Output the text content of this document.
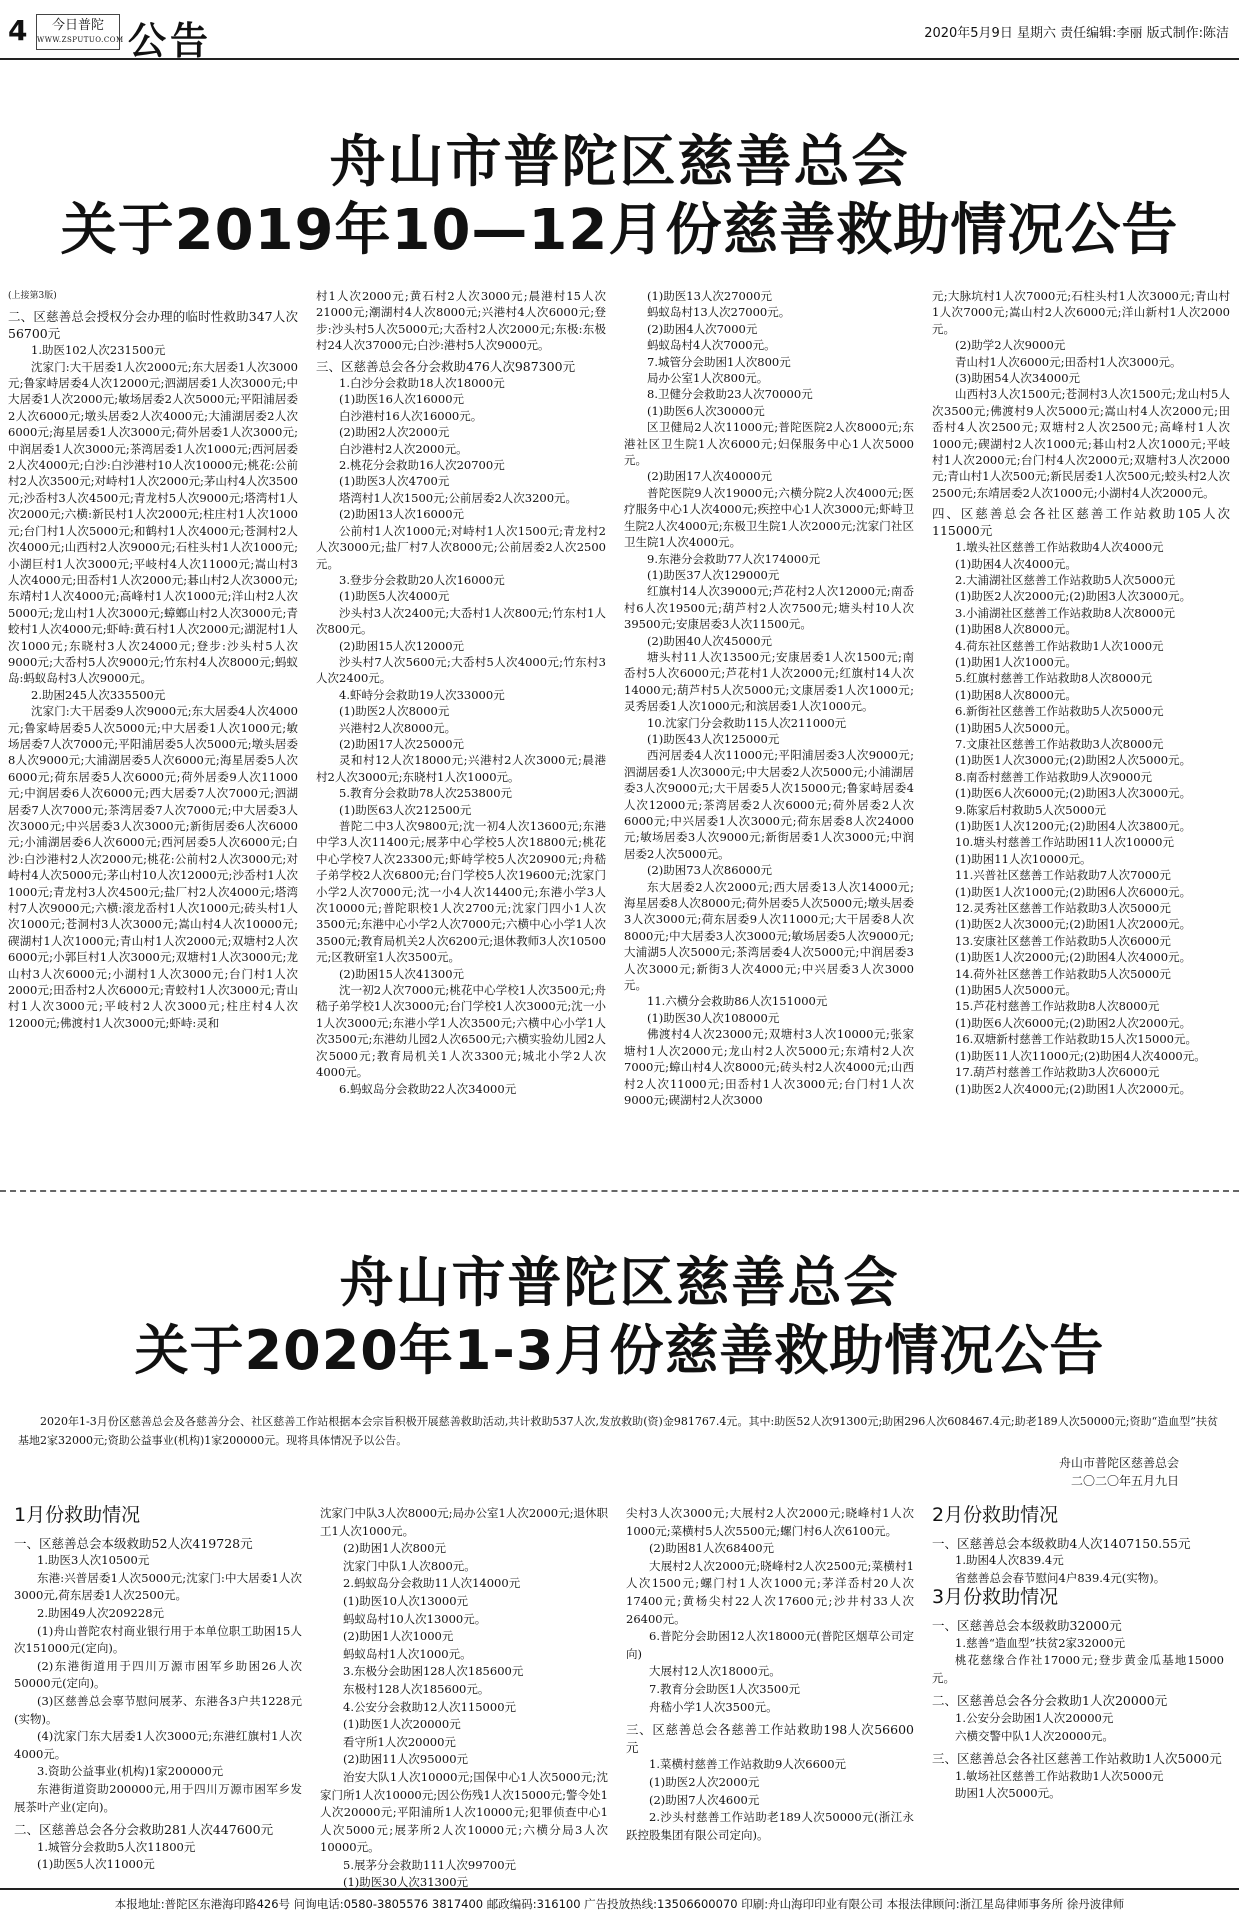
4	今日普陀
WWW.ZSPUTUO.COM 公告	2020年5月9日 星期六 责任编辑:李丽 版式制作:陈洁
舟山市普陀区慈善总会
关于2019年10—12月份慈善救助情况公告

(上接第3版)

二、区慈善总会授权分会办理的临时性救助347人次56700元

1.助医102人次231500元

沈家门:大干居委1人次2000元;东大居委1人次3000元;鲁家峙居委4人次12000元;泗湖居委1人次3000元;中大居委1人次2000元;敏场居委2人次5000元;平阳浦居委2人次6000元;墩头居委2人次4000元;大浦湖居委2人次6000元;海星居委1人次3000元;荷外居委1人次3000元;中润居委1人次3000元;茶湾居委1人次1000元;西河居委2人次4000元;白沙:白沙港村10人次10000元;桃花:公前村2人次3500元;对峙村1人次2000元;茅山村4人次3500元;沙岙村3人次4500元;青龙村5人次9000元;塔湾村1人次2000元;六横:新民村1人次2000元;柱庄村1人次1000元;台门村1人次5000元;和鹤村1人次4000元;苍洞村2人次4000元;山西村2人次9000元;石柱头村1人次1000元;小湖巨村1人次3000元;平岐村4人次11000元;嵩山村3人次4000元;田岙村1人次2000元;碁山村2人次3000元;东靖村1人次4000元;高峰村1人次1000元;洋山村2人次5000元;龙山村1人次3000元;蟑螂山村2人次3000元;青蛟村1人次4000元;虾峙:黄石村1人次2000元;湖泥村1人次1000元;东晓村3人次24000元;登步:沙头村5人次9000元;大岙村5人次9000元;竹东村4人次8000元;蚂蚁岛:蚂蚁岛村3人次9000元。

2.助困245人次335500元

沈家门:大干居委9人次9000元;东大居委4人次4000元;鲁家峙居委5人次5000元;中大居委1人次1000元;敏场居委7人次7000元;平阳浦居委5人次5000元;墩头居委8人次9000元;大浦湖居委5人次6000元;海星居委5人次6000元;荷东居委5人次6000元;荷外居委9人次11000元;中润居委6人次6000元;西大居委7人次7000元;泗湖居委7人次7000元;茶湾居委7人次7000元;中大居委3人次3000元;中兴居委3人次3000元;新街居委6人次6000元;小浦湖居委6人次6000元;西河居委5人次6000元;白沙:白沙港村2人次2000元;桃花:公前村2人次3000元;对峙村4人次5000元;茅山村10人次12000元;沙岙村1人次1000元;青龙村3人次4500元;盐厂村2人次4000元;塔湾村7人次9000元;六横:滚龙岙村1人次1000元;砖头村1人次1000元;苍洞村3人次3000元;嵩山村4人次10000元;碶湖村1人次1000元;青山村1人次2000元;双塘村2人次6000元;小郭巨村1人次3000元;双塘村1人次3000元;龙山村3人次6000元;小湖村1人次3000元;台门村1人次2000元;田岙村2人次6000元;青蛟村1人次3000元;青山村1人次3000元;平岐村2人次3000元;柱庄村4人次12000元;佛渡村1人次3000元;虾峙:灵和

村1人次2000元;黄石村2人次3000元;晨港村15人次21000元;潮湖村4人次8000元;兴港村4人次6000元;登步:沙头村5人次5000元;大岙村2人次2000元;东极:东极村24人次37000元;白沙:港村5人次9000元。

三、区慈善总会各分会救助476人次987300元

1.白沙分会救助18人次18000元

(1)助医16人次16000元

白沙港村16人次16000元。

(2)助困2人次2000元

白沙港村2人次2000元。

2.桃花分会救助16人次20700元

(1)助医3人次4700元

塔湾村1人次1500元;公前居委2人次3200元。

(2)助困13人次16000元

公前村1人次1000元;对峙村1人次1500元;青龙村2人次3000元;盐厂村7人次8000元;公前居委2人次2500元。

3.登步分会救助20人次16000元

(1)助医5人次4000元

沙头村3人次2400元;大岙村1人次800元;竹东村1人次800元。

(2)助困15人次12000元

沙头村7人次5600元;大岙村5人次4000元;竹东村3人次2400元。

4.虾峙分会救助19人次33000元

(1)助医2人次8000元

兴港村2人次8000元。

(2)助困17人次25000元

灵和村12人次18000元;兴港村2人次3000元;晨港村2人次3000元;东晓村1人次1000元。

5.教育分会救助78人次253800元

(1)助医63人次212500元

普陀二中3人次9800元;沈一初4人次13600元;东港中学3人次11400元;展茅中心学校5人次18800元;桃花中心学校7人次23300元;虾峙学校5人次20900元;舟嵇子弟学校2人次6800元;台门学校5人次19600元;沈家门小学2人次7000元;沈一小4人次14400元;东港小学3人次10000元;普陀职校1人次2700元;沈家门四小1人次3500元;东港中心小学2人次7000元;六横中心小学1人次3500元;教育局机关2人次6200元;退休教师3人次10500元;区教研室1人次3500元。

(2)助困15人次41300元

沈一初2人次7000元;桃花中心学校1人次3500元;舟嵇子弟学校1人次3000元;台门学校1人次3000元;沈一小1人次3000元;东港小学1人次3500元;六横中心小学1人次3500元;东港幼儿园2人次6500元;六横实验幼儿园2人次5000元;教育局机关1人次3300元;城北小学2人次4000元。

6.蚂蚁岛分会救助22人次34000元

(1)助医13人次27000元

蚂蚁岛村13人次27000元。

(2)助困4人次7000元

蚂蚁岛村4人次7000元。

7.城管分会助困1人次800元

局办公室1人次800元。

8.卫健分会救助23人次70000元

(1)助医6人次30000元

区卫健局2人次11000元;普陀医院2人次8000元;东港社区卫生院1人次6000元;妇保服务中心1人次5000元。

(2)助困17人次40000元

普陀医院9人次19000元;六横分院2人次4000元;医疗服务中心1人次4000元;疾控中心1人次3000元;虾峙卫生院2人次4000元;东极卫生院1人次2000元;沈家门社区卫生院1人次4000元。

9.东港分会救助77人次174000元

(1)助医37人次129000元

红旗村14人次39000元;芦花村2人次12000元;南岙村6人次19500元;葫芦村2人次7500元;塘头村10人次39500元;安康居委3人次11500元。

(2)助困40人次45000元

塘头村11人次13500元;安康居委1人次1500元;南岙村5人次6000元;芦花村1人次2000元;红旗村14人次14000元;葫芦村5人次5000元;文康居委1人次1000元;灵秀居委1人次1000元;和滨居委1人次1000元。

10.沈家门分会救助115人次211000元

(1)助医43人次125000元

西河居委4人次11000元;平阳浦居委3人次9000元;泗湖居委1人次3000元;中大居委2人次5000元;小浦湖居委3人次9000元;大干居委5人次15000元;鲁家峙居委4人次12000元;茶湾居委2人次6000元;荷外居委2人次6000元;中兴居委1人次3000元;荷东居委8人次24000元;敏场居委3人次9000元;新街居委1人次3000元;中润居委2人次5000元。

(2)助困73人次86000元

东大居委2人次2000元;西大居委13人次14000元;海星居委8人次8000元;荷外居委5人次5000元;墩头居委3人次3000元;荷东居委9人次11000元;大干居委8人次8000元;中大居委3人次3000元;敏场居委5人次9000元;大浦湖5人次5000元;茶湾居委4人次5000元;中润居委3人次3000元;新街3人次4000元;中兴居委3人次3000元。

11.六横分会救助86人次151000元

(1)助医30人次108000元

佛渡村4人次23000元;双塘村3人次10000元;张家塘村1人次2000元;龙山村2人次5000元;东靖村2人次7000元;蟑山村4人次8000元;砖头村2人次4000元;山西村2人次11000元;田岙村1人次3000元;台门村1人次9000元;碶湖村2人次3000

元;大脉坑村1人次7000元;石柱头村1人次3000元;青山村1人次7000元;嵩山村2人次6000元;洋山新村1人次2000元。

(2)助学2人次9000元

青山村1人次6000元;田岙村1人次3000元。

(3)助困54人次34000元

山西村3人次1500元;苍洞村3人次1500元;龙山村5人次3500元;佛渡村9人次5000元;嵩山村4人次2000元;田岙村4人次2500元;双塘村2人次2500元;高峰村1人次1000元;碶湖村2人次1000元;碁山村2人次1000元;平岐村1人次2000元;台门村4人次2000元;双塘村3人次2000元;青山村1人次500元;新民居委1人次500元;蛟头村2人次2500元;东靖居委2人次1000元;小湖村4人次2000元。

四、区慈善总会各社区慈善工作站救助105人次115000元

1.墩头社区慈善工作站救助4人次4000元

(1)助困4人次4000元。

2.大浦湖社区慈善工作站救助5人次5000元

(1)助医2人次2000元;(2)助困3人次3000元。

3.小浦湖社区慈善工作站救助8人次8000元

(1)助困8人次8000元。

4.荷东社区慈善工作站救助1人次1000元

(1)助困1人次1000元。

5.红旗村慈善工作站救助8人次8000元

(1)助困8人次8000元。

6.新街社区慈善工作站救助5人次5000元

(1)助困5人次5000元。

7.文康社区慈善工作站救助3人次8000元

(1)助医1人次3000元;(2)助困2人次5000元。

8.南岙村慈善工作站救助9人次9000元

(1)助医6人次6000元;(2)助困3人次3000元。

9.陈家后村救助5人次5000元

(1)助医1人次1200元;(2)助困4人次3800元。

10.塘头村慈善工作站助困11人次10000元

(1)助困11人次10000元。

11.兴普社区慈善工作站救助7人次7000元

(1)助医1人次1000元;(2)助困6人次6000元。

12.灵秀社区慈善工作站救助3人次5000元

(1)助医2人次3000元;(2)助困1人次2000元。

13.安康社区慈善工作站救助5人次6000元

(1)助医1人次2000元;(2)助困4人次4000元。

14.荷外社区慈善工作站救助5人次5000元

(1)助困5人次5000元。

15.芦花村慈善工作站救助8人次8000元

(1)助医6人次6000元;(2)助困2人次2000元。

16.双塘新村慈善工作站救助15人次15000元。

(1)助医11人次11000元;(2)助困4人次4000元。

17.葫芦村慈善工作站救助3人次6000元

(1)助医2人次4000元;(2)助困1人次2000元。

舟山市普陀区慈善总会
关于2020年1-3月份慈善救助情况公告
2020年1-3月份区慈善总会及各慈善分会、社区慈善工作站根据本会宗旨积极开展慈善救助活动,共计救助537人次,发放救助(资)金981767.4元。其中:助医52人次91300元;助困296人次608467.4元;助老189人次50000元;资助“造血型”扶贫基地2家32000元;资助公益事业(机构)1家200000元。现将具体情况予以公告。
舟山市普陀区慈善总会
二〇二〇年五月九日
1月份救助情况

一、区慈善总会本级救助52人次419728元

1.助医3人次10500元

东港:兴普居委1人次5000元;沈家门:中大居委1人次3000元,荷东居委1人次2500元。

2.助困49人次209228元

(1)舟山普陀农村商业银行用于本单位职工助困15人次151000元(定向)。

(2)东港街道用于四川万源市困军乡助困26人次50000元(定向)。

(3)区慈善总会辜节慰问展茅、东港各3户共1228元(实物)。

(4)沈家门东大居委1人次3000元;东港红旗村1人次4000元。

3.资助公益事业(机构)1家200000元

东港街道资助200000元,用于四川万源市困军乡发展茶叶产业(定向)。

二、区慈善总会各分会救助281人次447600元

1.城管分会救助5人次11800元

(1)助医5人次11000元

沈家门中队3人次8000元;局办公室1人次2000元;退休职工1人次1000元。

(2)助困1人次800元

沈家门中队1人次800元。

2.蚂蚁岛分会救助11人次14000元

(1)助医10人次13000元

蚂蚁岛村10人次13000元。

(2)助困1人次1000元

蚂蚁岛村1人次1000元。

3.东极分会助困128人次185600元

东极村128人次185600元。

4.公安分会救助12人次115000元

(1)助医1人次20000元

看守所1人次20000元

(2)助困11人次95000元

治安大队1人次10000元;国保中心1人次5000元;沈家门所1人次10000元;因公伤残1人次15000元;警令处1人次20000元;平阳浦所1人次10000元;犯罪侦查中心1人次5000元;展茅所2人次10000元;六横分局3人次10000元。

5.展茅分会救助111人次99700元

(1)助医30人次31300元

尖村3人次3000元;大展村2人次2000元;晓峰村1人次1000元;菜横村5人次5500元;螺门村6人次6100元。

(2)助困81人次68400元

大展村2人次2000元;晓峰村2人次2500元;菜横村1人次1500元;螺门村1人次1000元;茅洋岙村20人次17400元;黄杨尖村22人次17600元;沙井村33人次26400元。

6.普陀分会助困12人次18000元(普陀区烟草公司定向)

大展村12人次18000元。

7.教育分会助医1人次3500元

舟嵇小学1人次3500元。

三、区慈善总会各慈善工作站救助198人次56600元

1.菜横村慈善工作站救助9人次6600元

(1)助医2人次2000元

(2)助困7人次4600元

2.沙头村慈善工作站助老189人次50000元(浙江永跃控股集团有限公司定向)。

2月份救助情况

一、区慈善总会本级救助4人次1407150.55元

1.助困4人次839.4元

省慈善总会春节慰问4户839.4元(实物)。

3月份救助情况

一、区慈善总会本级救助32000元

1.慈善“造血型”扶贫2家32000元

桃花慈缘合作社17000元;登步黄金瓜基地15000元。

二、区慈善总会各分会救助1人次20000元

1.公安分会助困1人次20000元

六横交警中队1人次20000元。

三、区慈善总会各社区慈善工作站救助1人次5000元

1.敏场社区慈善工作站救助1人次5000元

助困1人次5000元。

本报地址:普陀区东港海印路426号 问询电话:0580-3805576 3817400 邮政编码:316100 广告投放热线:13506600070 印刷:舟山海印印业有限公司 本报法律顾问:浙江星岛律师事务所 徐丹波律师
